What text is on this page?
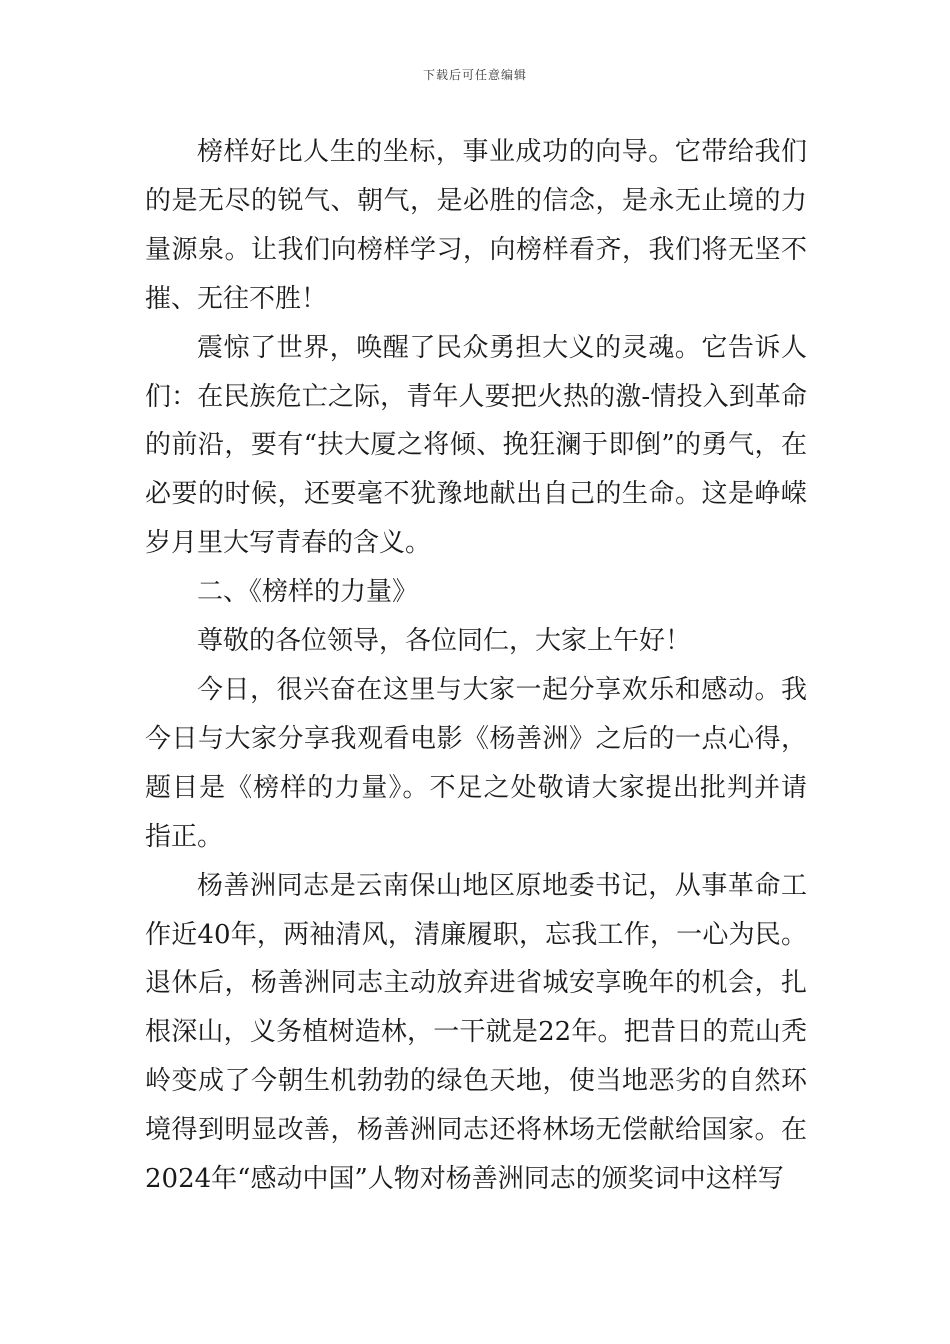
下载后可任意编辑

榜样好比人生的坐标，事业成功的向导。它带给我们的是无尽的锐气、朝气，是必胜的信念，是永无止境的力量源泉。让我们向榜样学习，向榜样看齐，我们将无坚不摧、无往不胜！

震惊了世界，唤醒了民众勇担大义的灵魂。它告诉人们：在民族危亡之际，青年人要把火热的激-情投入到革命的前沿，要有“扶大厦之将倾、挽狂澜于即倒”的勇气，在必要的时候，还要毫不犹豫地献出自己的生命。这是峥嵘岁月里大写青春的含义。

二、《榜样的力量》

尊敬的各位领导，各位同仁，大家上午好！

今日，很兴奋在这里与大家一起分享欢乐和感动。我今日与大家分享我观看电影《杨善洲》之后的一点心得，题目是《榜样的力量》。不足之处敬请大家提出批判并请指正。

杨善洲同志是云南保山地区原地委书记，从事革命工作近40年，两袖清风，清廉履职，忘我工作，一心为民。退休后，杨善洲同志主动放弃进省城安享晚年的机会，扎根深山，义务植树造林，一干就是22年。把昔日的荒山秃岭变成了今朝生机勃勃的绿色天地，使当地恶劣的自然环境得到明显改善，杨善洲同志还将林场无偿献给国家。在2024年“感动中国”人物对杨善洲同志的颁奖词中这样写
